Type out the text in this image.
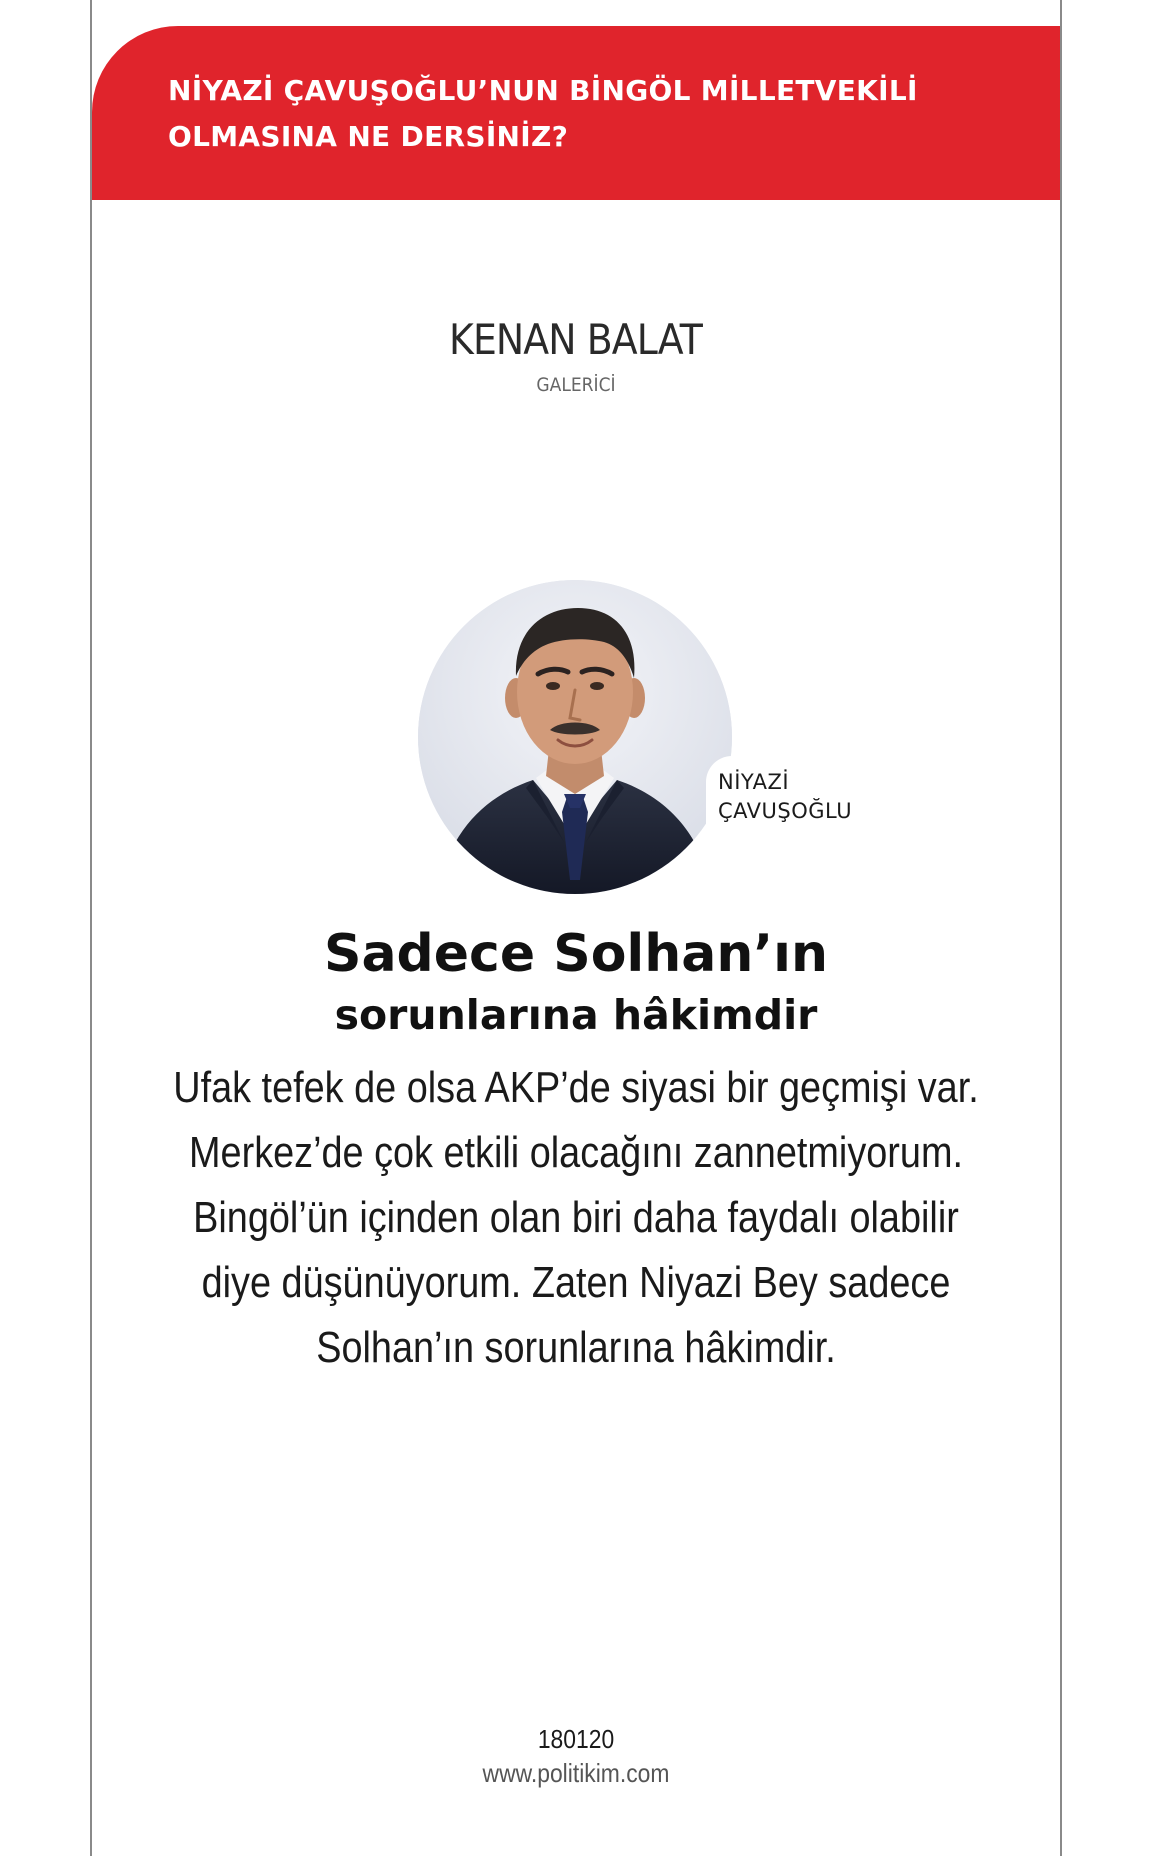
NİYAZİ ÇAVUŞOĞLU’NUN BİNGÖL MİLLETVEKİLİ OLMASINA NE DERSİNİZ?
KENAN BALAT
GALERİCİ
NİYAZİ
ÇAVUŞOĞLU
Sadece Solhan’ın
sorunlarına hâkimdir
Ufak tefek de olsa AKP’de siyasi bir geçmişi var.
Merkez’de çok etkili olacağını zannetmiyorum.
Bingöl’ün içinden olan biri daha faydalı olabilir
diye düşünüyorum. Zaten Niyazi Bey sadece
Solhan’ın sorunlarına hâkimdir.
180120
www.politikim.com
